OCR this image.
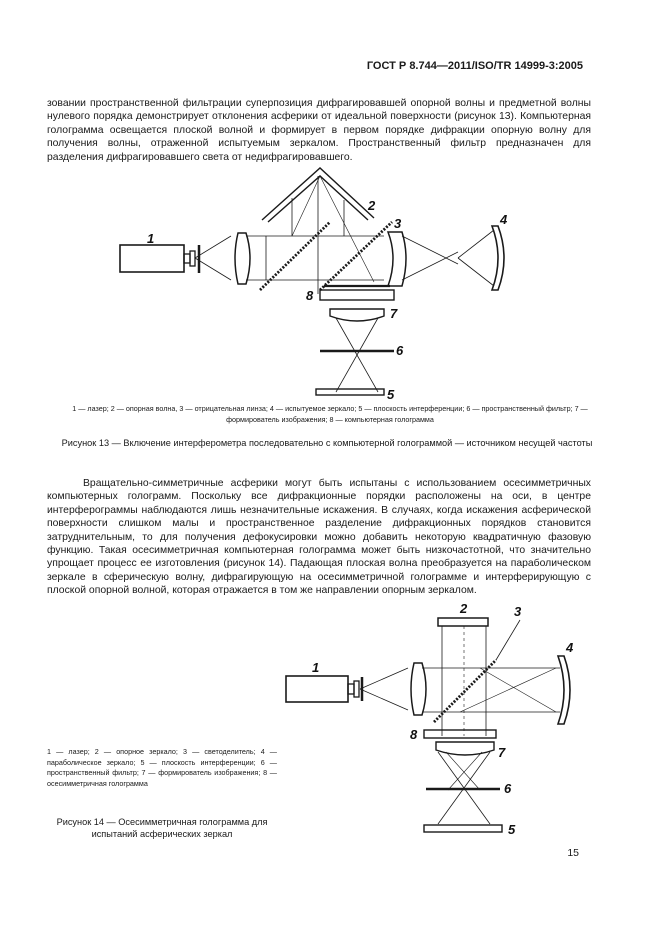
ГОСТ Р 8.744—2011/ISO/TR 14999-3:2005
зовании пространственной фильтрации суперпозиция дифрагировавшей опорной волны и предметной волны нулевого порядка демонстрирует отклонения асферики от идеальной поверхности (рисунок 13). Компьютерная голограмма освещается плоской волной и формирует в первом порядке дифракции опорную волну для получения волны, отраженной испытуемым зеркалом. Пространственный фильтр предназначен для разделения дифрагировавшего света от недифрагировавшего.
1
2
3	4
5
6
7
8
1 — лазер; 2 — опорная волна, 3 — отрицательная линза; 4 — испытуемое зеркало; 5 — плоскость интерференции; 6 — пространственный фильтр; 7 — формирователь изображения; 8 — компьютерная голограмма
Рисунок 13 — Включение интерферометра последовательно с компьютерной голограммой — источником несущей частоты
Вращательно-симметричные асферики могут быть испытаны с использованием осесимметричных компьютерных голограмм. Поскольку все дифракционные порядки расположены на оси, в центре интерферограммы наблюдаются лишь незначительные искажения. В случаях, когда искажения асферической поверхности слишком малы и пространственное разделение дифракционных порядков становится затруднительным, то для получения дефокусировки можно добавить некоторую квадратичную фазовую функцию. Такая осесимметричная компьютерная голограмма может быть низкочастотной, что значительно упрощает процесс ее изготовления (рисунок 14). Падающая плоская волна преобразуется на параболическом зеркале в сферическую волну, дифрагирующую на осесимметричной голограмме и интерферирующую с плоской опорной волной, которая отражается в том же направлении опорным зеркалом.
1
2	3
4
5
6
7
8
1 — лазер; 2 — опорное зеркало; 3 — светоделитель; 4 — параболическое зеркало; 5 — плоскость интерференции; 6 — пространственный фильтр; 7 — формирователь изображения; 8 — осесимметричная голограмма
Рисунок 14 — Осесимметричная голограмма для испытаний асферических зеркал
15
